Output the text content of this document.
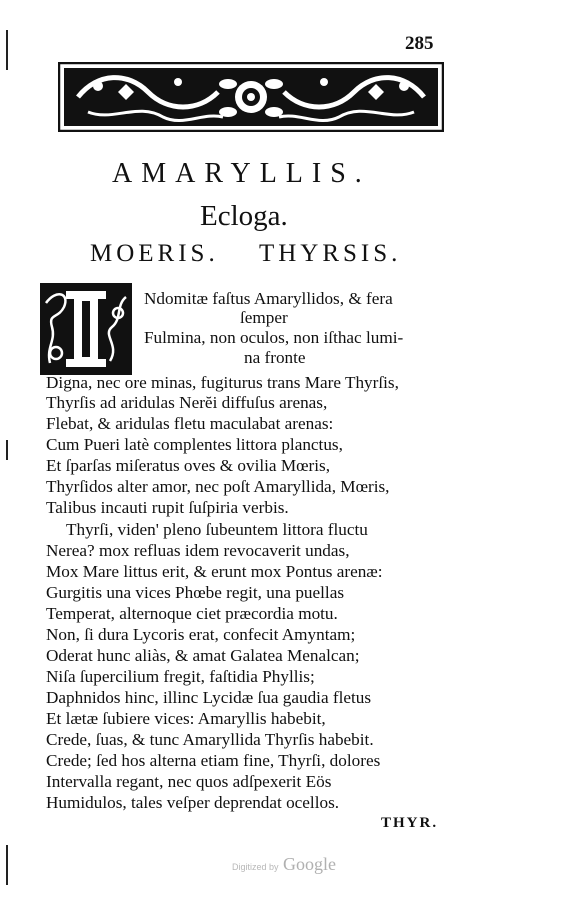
285
AMARYLLIS.
Ecloga.
MOERIS. THYRSIS.
Ndomitæ faſtus Amaryllidos, & fera
ſemper
Fulmina, non oculos, non iſthac lumi-
na fronte
Digna, nec ore minas, fugiturus trans Mare Thyrſis,
Thyrſis ad aridulas Nerĕi diffuſus arenas,
Flebat, & aridulas fletu maculabat arenas:
Cum Pueri latè complentes littora planctus,
Et ſparſas miſeratus oves & ovilia Mœris,
Thyrſidos alter amor, nec poſt Amaryllida, Mœris,
Talibus incauti rupit ſuſpiria verbis.
Thyrſi, viden' pleno ſubeuntem littora fluctu
Nerea? mox refluas idem revocaverit undas,
Mox Mare littus erit, & erunt mox Pontus arenæ:
Gurgitis una vices Phœbe regit, una puellas
Temperat, alternoque ciet præcordia motu.
Non, ſi dura Lycoris erat, confecit Amyntam;
Oderat hunc aliàs, & amat Galatea Menalcan;
Niſa ſupercilium fregit, faſtidia Phyllis;
Daphnidos hinc, illinc Lycidæ ſua gaudia fletus
Et lætæ ſubiere vices: Amaryllis habebit,
Crede, ſuas, & tunc Amaryllida Thyrſis habebit.
Crede; ſed hos alterna etiam fine, Thyrſi, dolores
Intervalla regant, nec quos adſpexerit Eös
Humidulos, tales veſper deprendat ocellos.
THYR.
Digitized by Google
